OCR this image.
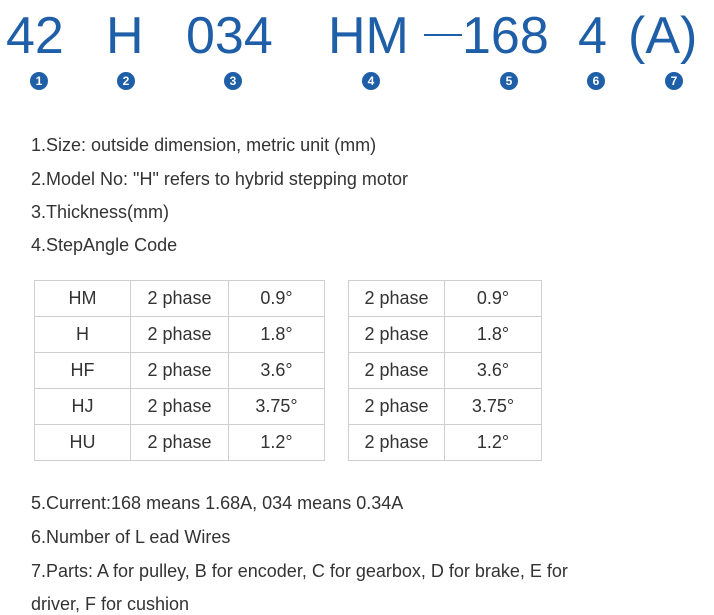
42 H 034 HM 168 4 (A)
1	2	3	4	5	6	7
1.Size: outside dimension, metric unit (mm)
2.Model No: "H" refers to hybrid stepping motor
3.Thickness(mm)
4.StepAngle Code
HM	2 phase	0.9°
H	2 phase	1.8°
HF	2 phase	3.6°
HJ	2 phase	3.75°
HU	2 phase	1.2°
2 phase	0.9°
2 phase	1.8°
2 phase	3.6°
2 phase	3.75°
2 phase	1.2°
5.Current:168 means 1.68A, 034 means 0.34A
6.Number of L ead Wires
7.Parts: A for pulley, B for encoder, C for gearbox, D for brake, E for
driver, F for cushion
